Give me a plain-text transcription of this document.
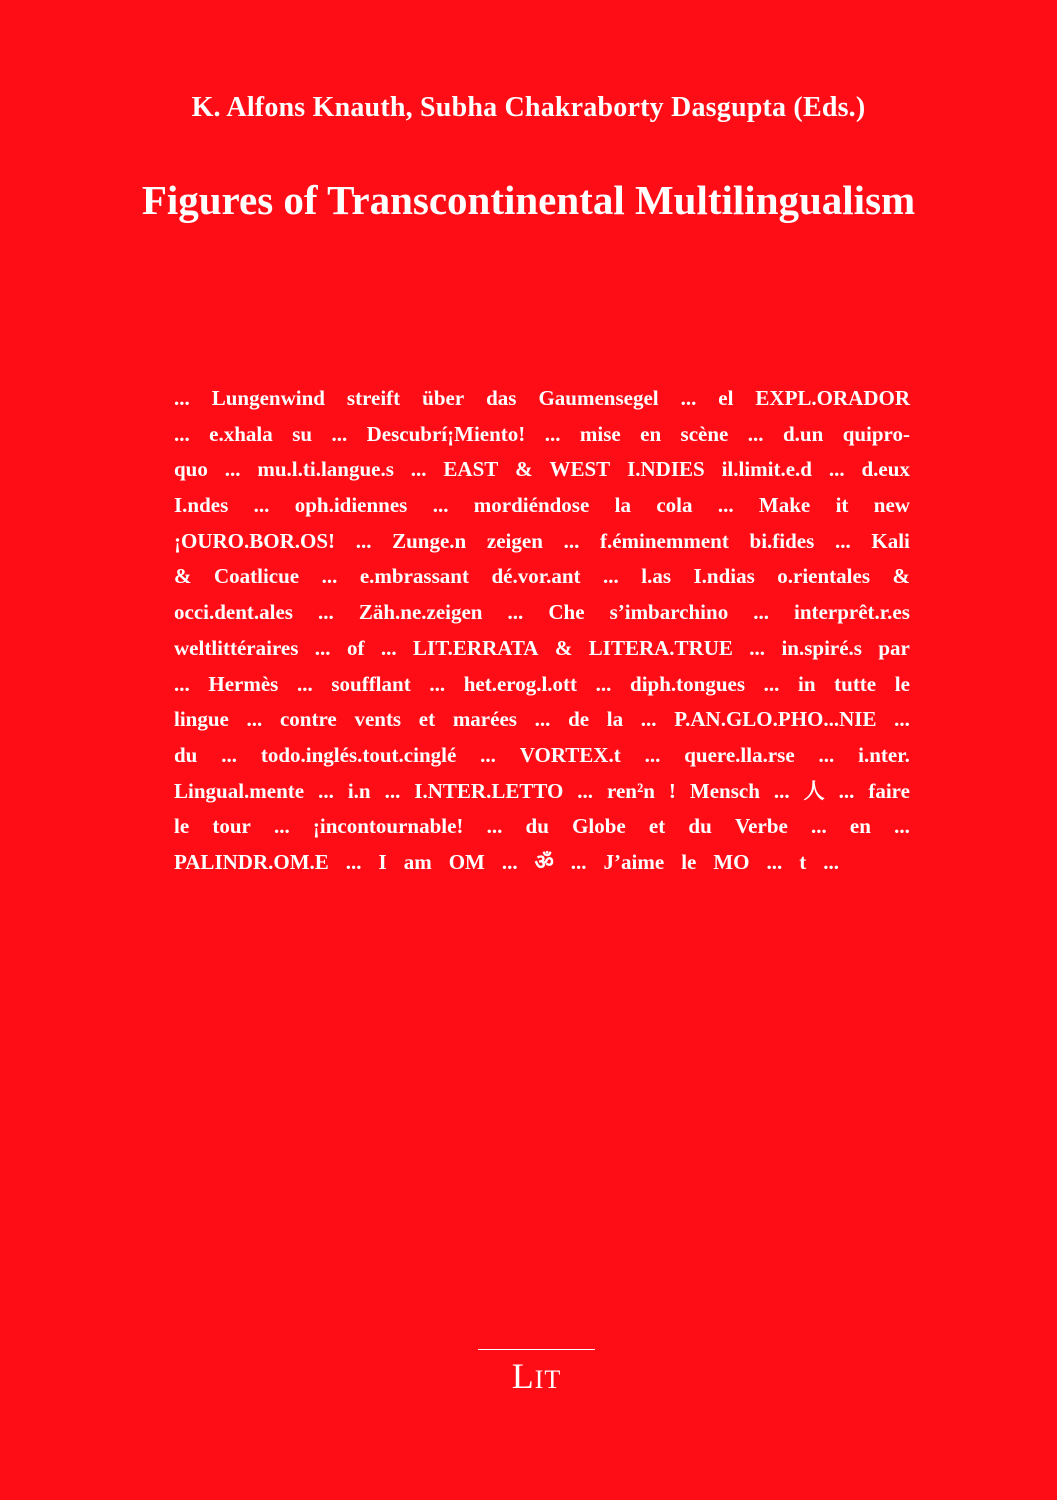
K. Alfons Knauth, Subha Chakraborty Dasgupta (Eds.)
Figures of Transcontinental Multilingualism
... Lungenwind streift über das Gaumensegel ... el EXPL.ORADOR
... e.xhala su ... Descubrí¡Miento! ... mise en scène ... d.un quipro-
quo ... mu.l.ti.langue.s ... EAST & WEST I.NDIES il.limit.e.d ... d.eux
I.ndes ... oph.idiennes ... mordiéndose la cola ... Make it new
¡OURO.BOR.OS! ... Zunge.n zeigen ... f.éminemment bi.fides ... Kali
& Coatlicue ... e.mbrassant dé.vor.ant ... l.as I.ndias o.rientales &
occi.dent.ales ... Zäh.ne.zeigen ... Che s’imbarchino ... interprêt.r.es
weltlittéraires ... of ... LIT.ERRATA & LITERA.TRUE ... in.spiré.s par
... Hermès ... soufflant ... het.erog.l.ott ... diph.tongues ... in tutte le
lingue ... contre vents et marées ... de la ... P.AN.GLO.PHO...NIE ...
du ... todo.inglés.tout.cinglé ... VORTEX.t ... quere.lla.rse ... i.nter.
Lingual.mente ... i.n ... I.NTER.LETTO ... ren²n ! Mensch ... 人 ... faire
le tour ... ¡incontournable! ... du Globe et du Verbe ... en ...
PALINDR.OM.E ... I am OM ... ॐ ... J’aime le MO ... t ...
LIT
